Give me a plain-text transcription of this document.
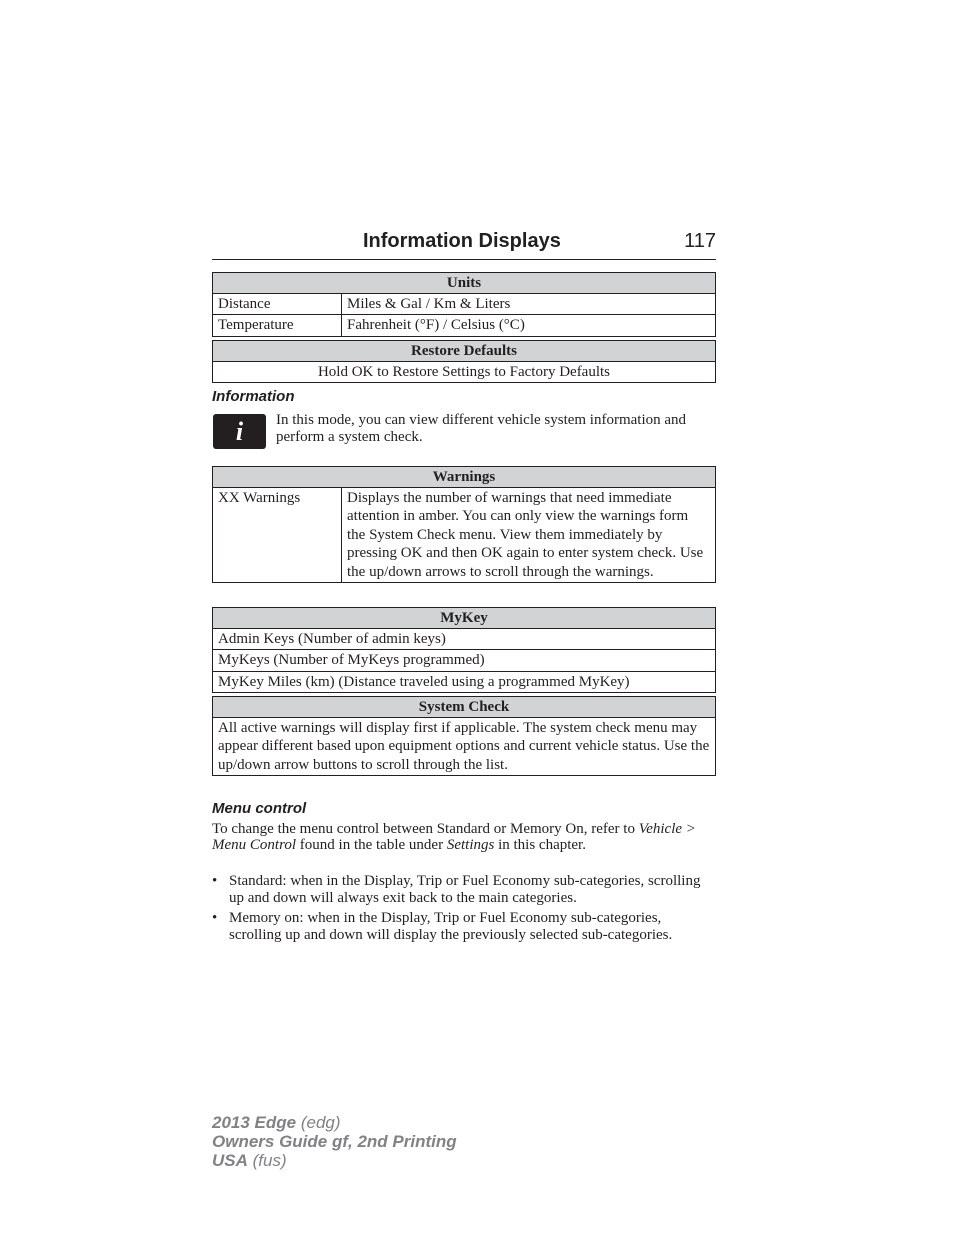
Information Displays	117
Units	
Distance	Miles & Gal / Km & Liters
Temperature	Fahrenheit (°F) / Celsius (°C)
Restore Defaults
Hold OK to Restore Settings to Factory Defaults
Information
i In this mode, you can view different vehicle system information and perform a system check.
Warnings
XX Warnings	Displays the number of warnings that need immediate attention in amber. You can only view the warnings form the System Check menu. View them immediately by pressing OK and then OK again to enter system check. Use the up/down arrows to scroll through the warnings.
MyKey
Admin Keys (Number of admin keys)
MyKeys (Number of MyKeys programmed)
MyKey Miles (km) (Distance traveled using a programmed MyKey)
System Check
All active warnings will display first if applicable. The system check menu may appear different based upon equipment options and current vehicle status. Use the up/down arrow buttons to scroll through the list.
Menu control
To change the menu control between Standard or Memory On, refer to Vehicle > Menu Control found in the table under Settings in this chapter.
• Standard: when in the Display, Trip or Fuel Economy sub-categories, scrolling up and down will always exit back to the main categories.
• Memory on: when in the Display, Trip or Fuel Economy sub-categories, scrolling up and down will display the previously selected sub-categories.
2013 Edge (edg)
Owners Guide gf, 2nd Printing
USA (fus)
